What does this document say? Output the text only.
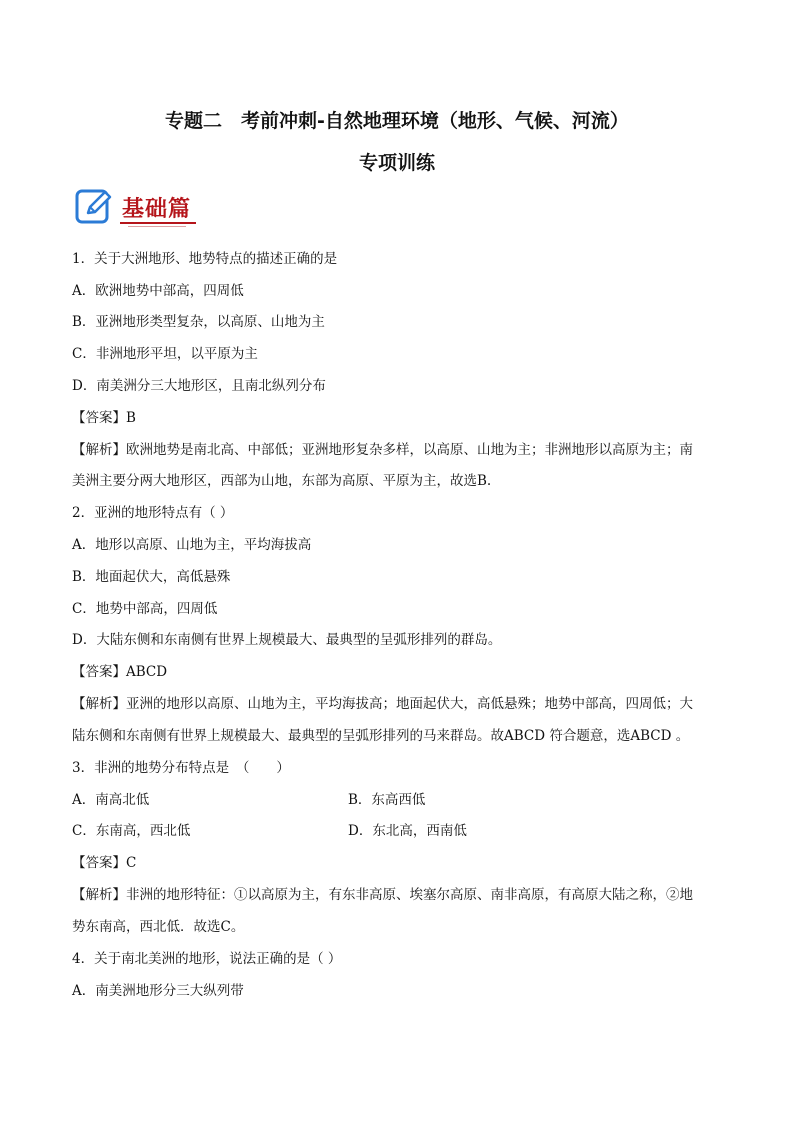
专题二　考前冲刺-自然地理环境（地形、气候、河流）
专项训练
基础篇
1．关于大洲地形、地势特点的描述正确的是
A．欧洲地势中部高，四周低
B．亚洲地形类型复杂，以高原、山地为主
C．非洲地形平坦，以平原为主
D．南美洲分三大地形区，且南北纵列分布
【答案】B
【解析】欧洲地势是南北高、中部低；亚洲地形复杂多样，以高原、山地为主；非洲地形以高原为主；南
美洲主要分两大地形区，西部为山地，东部为高原、平原为主，故选B.
2．亚洲的地形特点有（ ）
A．地形以高原、山地为主，平均海拔高
B．地面起伏大，高低悬殊
C．地势中部高，四周低
D．大陆东侧和东南侧有世界上规模最大、最典型的呈弧形排列的群岛。
【答案】ABCD
【解析】亚洲的地形以高原、山地为主，平均海拔高；地面起伏大，高低悬殊；地势中部高，四周低；大
陆东侧和东南侧有世界上规模最大、最典型的呈弧形排列的马来群岛。故ABCD 符合题意，选ABCD 。
3．非洲的地势分布特点是　（　　）
A．南高北低	B．东高西低
C．东南高，西北低	D．东北高，西南低
【答案】C
【解析】非洲的地形特征：①以高原为主，有东非高原、埃塞尔高原、南非高原，有高原大陆之称，②地
势东南高，西北低．故选C。
4．关于南北美洲的地形，说法正确的是（ ）
A．南美洲地形分三大纵列带
